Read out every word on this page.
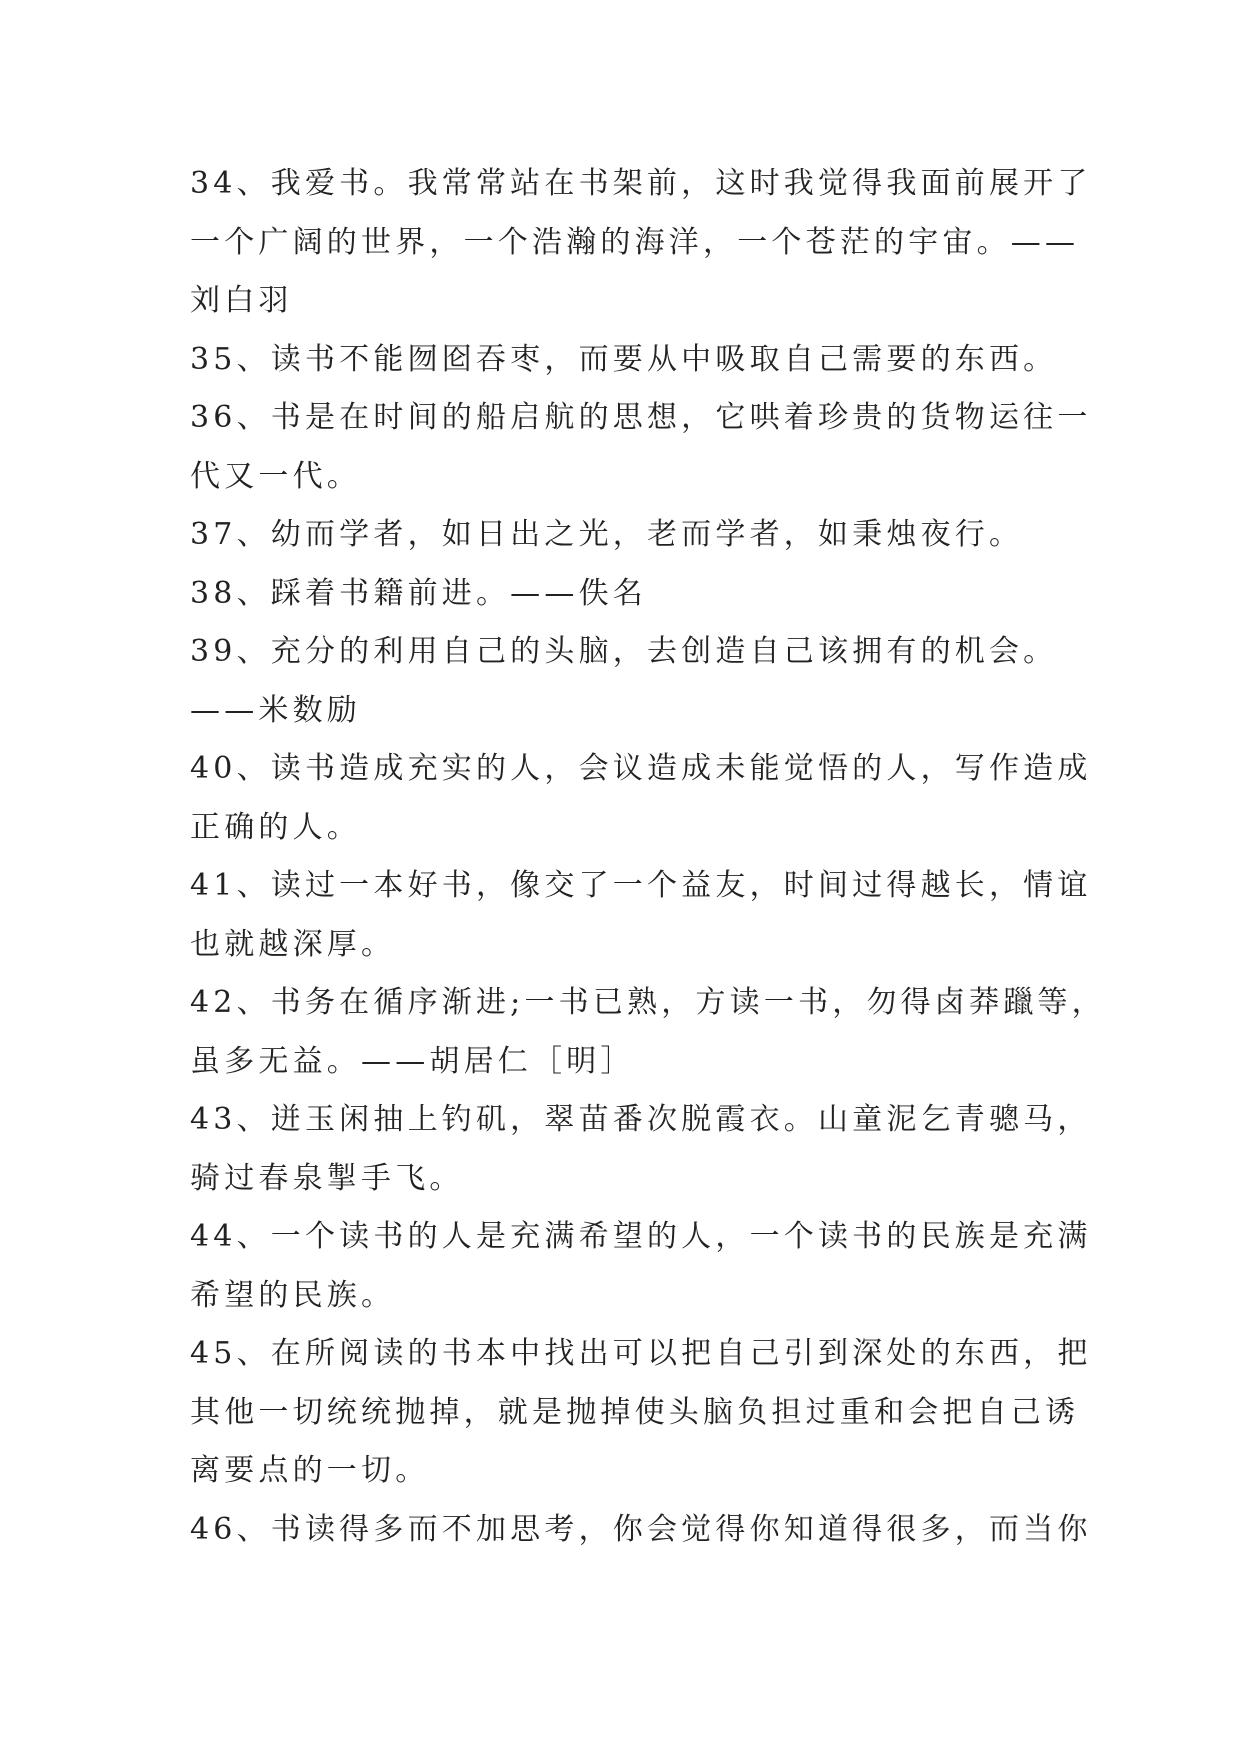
34、我爱书。我常常站在书架前，这时我觉得我面前展开了
一个广阔的世界，一个浩瀚的海洋，一个苍茫的宇宙。——
刘白羽
35、读书不能囫囵吞枣，而要从中吸取自己需要的东西。
36、书是在时间的船启航的思想，它哄着珍贵的货物运往一
代又一代。
37、幼而学者，如日出之光，老而学者，如秉烛夜行。
38、踩着书籍前进。——佚名
39、充分的利用自己的头脑，去创造自己该拥有的机会。
——米数励
40、读书造成充实的人，会议造成未能觉悟的人，写作造成
正确的人。
41、读过一本好书，像交了一个益友，时间过得越长，情谊
也就越深厚。
42、书务在循序渐进;一书已熟，方读一书，勿得卤莽躐等，
虽多无益。——胡居仁［明］
43、迸玉闲抽上钓矶，翠苗番次脱霞衣。山童泥乞青骢马，
骑过春泉掣手飞。
44、一个读书的人是充满希望的人，一个读书的民族是充满
希望的民族。
45、在所阅读的书本中找出可以把自己引到深处的东西，把
其他一切统统抛掉，就是抛掉使头脑负担过重和会把自己诱
离要点的一切。
46、书读得多而不加思考，你会觉得你知道得很多，而当你
